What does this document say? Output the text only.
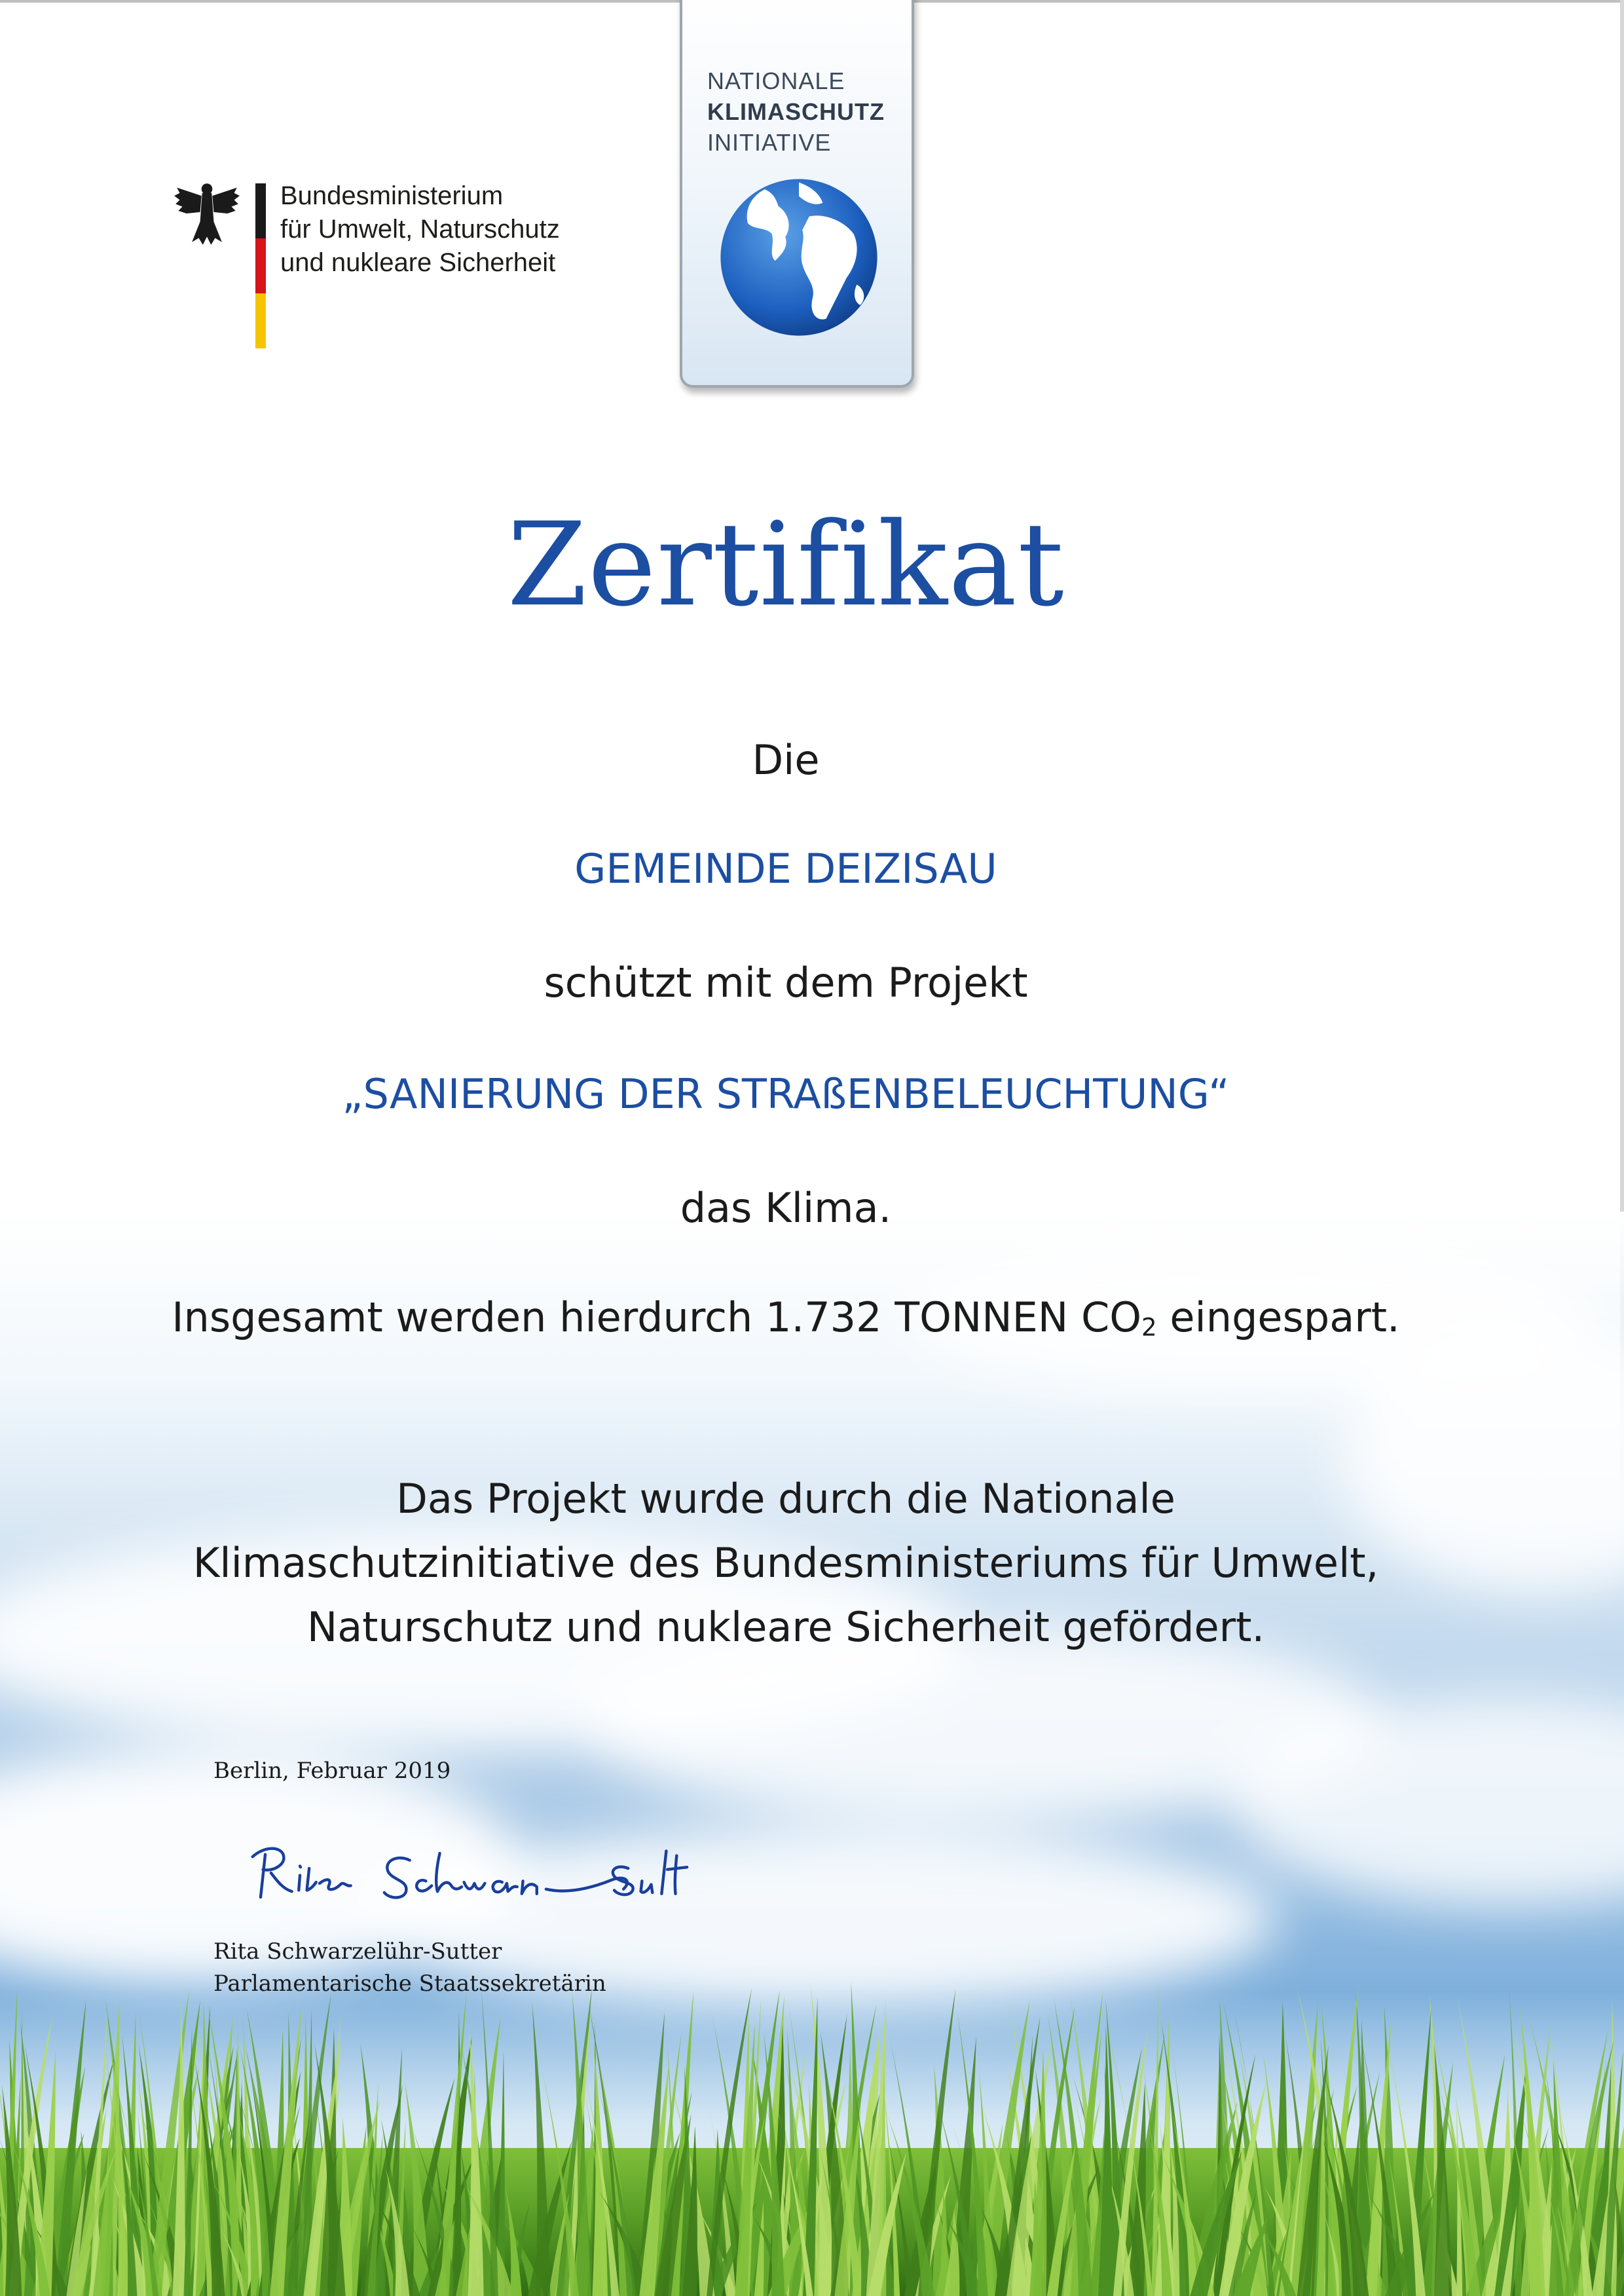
Bundesministerium
für Umwelt, Naturschutz
und nukleare Sicherheit
NATIONALE
KLIMASCHUTZ
INITIATIVE
Zertifikat
Die
GEMEINDE DEIZISAU
schützt mit dem Projekt
„SANIERUNG DER STRAßENBELEUCHTUNG“
das Klima.
Insgesamt werden hierdurch 1.732 TONNEN $CO_2$ eingespart.
Das Projekt wurde durch die Nationale
Klimaschutzinitiative des Bundesministeriums für Umwelt,
Naturschutz und nukleare Sicherheit gefördert.
Berlin, Februar 2019
Rita Schwarzelühr-Sutter
Parlamentarische Staatssekretärin
